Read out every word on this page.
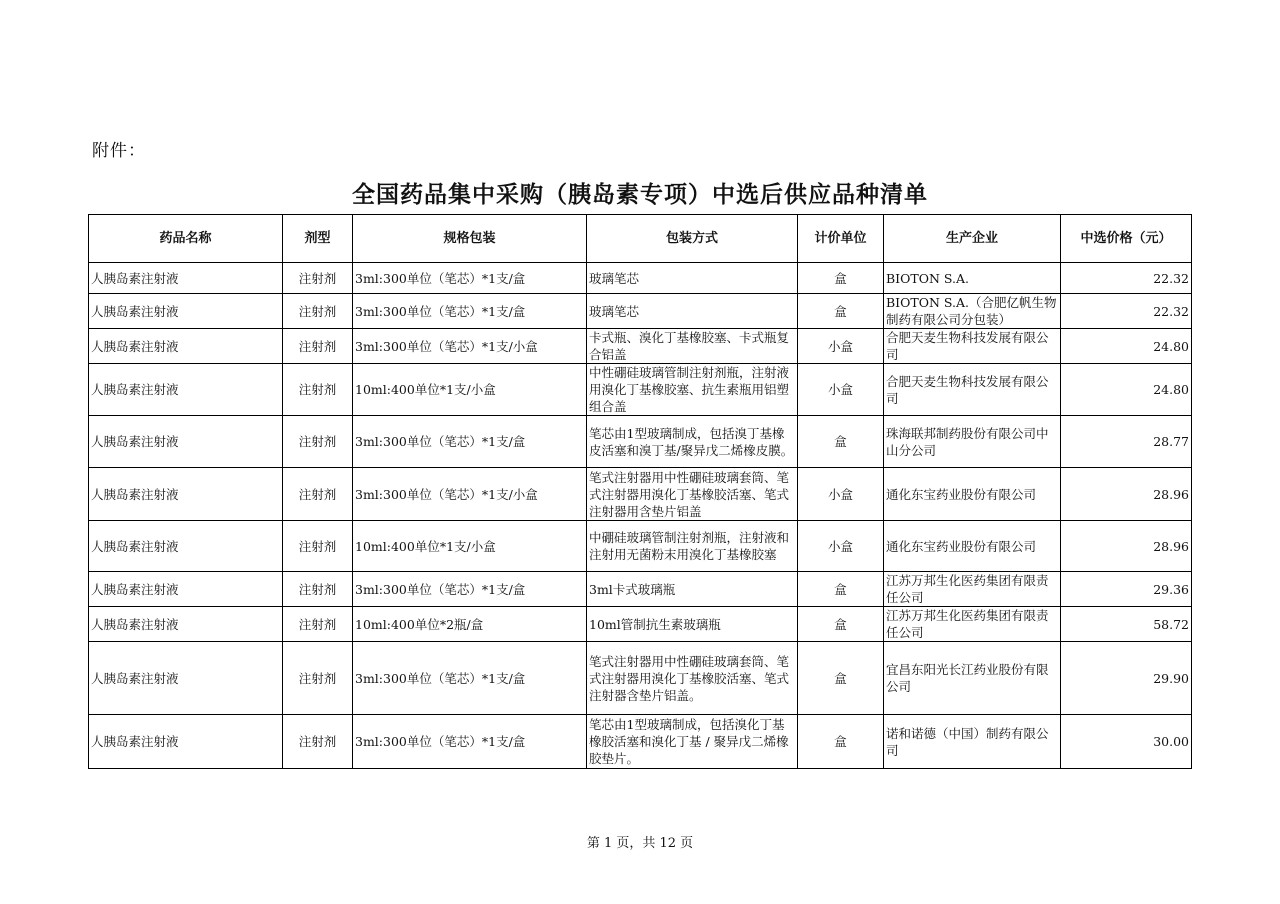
附件：
全国药品集中采购（胰岛素专项）中选后供应品种清单
药品名称	剂型	规格包装	包装方式	计价单位	生产企业	中选价格（元）
人胰岛素注射液	注射剂	3ml:300单位（笔芯）*1支/盒	玻璃笔芯	盒	BIOTON S.A.	22.32
人胰岛素注射液	注射剂	3ml:300单位（笔芯）*1支/盒	玻璃笔芯	盒	BIOTON S.A.（合肥亿帆生物制药有限公司分包装）	22.32
人胰岛素注射液	注射剂	3ml:300单位（笔芯）*1支/小盒	卡式瓶、溴化丁基橡胶塞、卡式瓶复合铝盖	小盒	合肥天麦生物科技发展有限公司	24.80
人胰岛素注射液	注射剂	10ml:400单位*1支/小盒	中性硼硅玻璃管制注射剂瓶，注射液用溴化丁基橡胶塞、抗生素瓶用铝塑组合盖	小盒	合肥天麦生物科技发展有限公司	24.80
人胰岛素注射液	注射剂	3ml:300单位（笔芯）*1支/盒	笔芯由1型玻璃制成，包括溴丁基橡皮活塞和溴丁基/聚异戊二烯橡皮膜。	盒	珠海联邦制药股份有限公司中山分公司	28.77
人胰岛素注射液	注射剂	3ml:300单位（笔芯）*1支/小盒	笔式注射器用中性硼硅玻璃套筒、笔式注射器用溴化丁基橡胶活塞、笔式注射器用含垫片铝盖	小盒	通化东宝药业股份有限公司	28.96
人胰岛素注射液	注射剂	10ml:400单位*1支/小盒	中硼硅玻璃管制注射剂瓶，注射液和注射用无菌粉末用溴化丁基橡胶塞	小盒	通化东宝药业股份有限公司	28.96
人胰岛素注射液	注射剂	3ml:300单位（笔芯）*1支/盒	3ml卡式玻璃瓶	盒	江苏万邦生化医药集团有限责任公司	29.36
人胰岛素注射液	注射剂	10ml:400单位*2瓶/盒	10ml管制抗生素玻璃瓶	盒	江苏万邦生化医药集团有限责任公司	58.72
人胰岛素注射液	注射剂	3ml:300单位（笔芯）*1支/盒	笔式注射器用中性硼硅玻璃套筒、笔式注射器用溴化丁基橡胶活塞、笔式注射器含垫片铝盖。	盒	宜昌东阳光长江药业股份有限公司	29.90
人胰岛素注射液	注射剂	3ml:300单位（笔芯）*1支/盒	笔芯由1型玻璃制成，包括溴化丁基橡胶活塞和溴化丁基 / 聚异戊二烯橡胶垫片。	盒	诺和诺德（中国）制药有限公司	30.00
第 1 页，共 12 页
